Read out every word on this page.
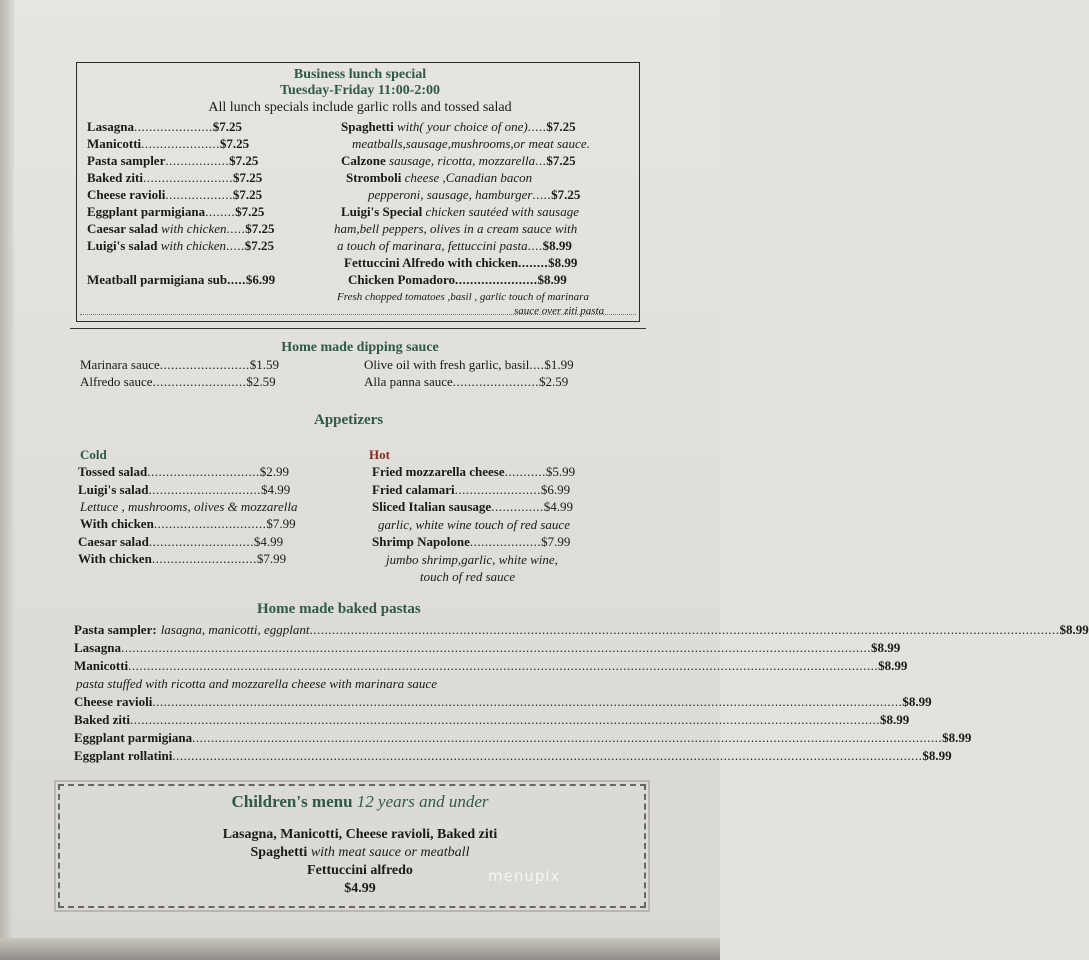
Business lunch special
Tuesday-Friday 11:00-2:00
All lunch specials include garlic rolls and tossed salad
Lasagna.....................$7.25
Manicotti.....................$7.25
Pasta sampler.................$7.25
Baked ziti........................$7.25
Cheese ravioli..................$7.25
Eggplant parmigiana........$7.25
Caesar salad with chicken.....$7.25
Luigi's salad with chicken.....$7.25
Meatball parmigiana sub.....$6.99
Spaghetti with( your choice of one).....$7.25
meatballs,sausage,mushrooms,or meat sauce.
Calzone sausage, ricotta, mozzarella...$7.25
Stromboli cheese ,Canadian bacon
pepperoni, sausage, hamburger.....$7.25
Luigi's Special chicken sautéed with sausage
ham,bell peppers, olives in a cream sauce with
a touch of marinara, fettuccini pasta....$8.99
Fettuccini Alfredo with chicken........$8.99
Chicken Pomadoro......................$8.99
Fresh chopped tomatoes ,basil , garlic touch of marinara
sauce over ziti pasta
Home made dipping sauce
Marinara sauce........................$1.59
Alfredo sauce.........................$2.59
Olive oil with fresh garlic, basil....$1.99
Alla panna sauce.......................$2.59
Appetizers
Cold	Hot
Tossed salad..............................$2.99
Luigi's salad..............................$4.99
Lettuce , mushrooms, olives & mozzarella
With chicken..............................$7.99
Caesar salad............................$4.99
With chicken............................$7.99
Fried mozzarella cheese...........$5.99
Fried calamari.......................$6.99
Sliced Italian sausage..............$4.99
garlic, white wine touch of red sauce
Shrimp Napolone...................$7.99
jumbo shrimp,garlic, white wine,
touch of red sauce
Home made baked pastas
Pasta sampler: lasagna, manicotti, eggplant ........................................................................................................................................................................................................ $8.99
Lasagna ........................................................................................................................................................................................................ $8.99
Manicotti ........................................................................................................................................................................................................ $8.99
pasta stuffed with ricotta and mozzarella cheese with marinara sauce
Cheese ravioli ........................................................................................................................................................................................................ $8.99
Baked ziti ........................................................................................................................................................................................................ $8.99
Eggplant parmigiana ........................................................................................................................................................................................................ $8.99
Eggplant rollatini ........................................................................................................................................................................................................ $8.99
Children's menu 12 years and under
Lasagna, Manicotti, Cheese ravioli, Baked ziti
Spaghetti with meat sauce or meatball
Fettuccini alfredo
$4.99
menupix
